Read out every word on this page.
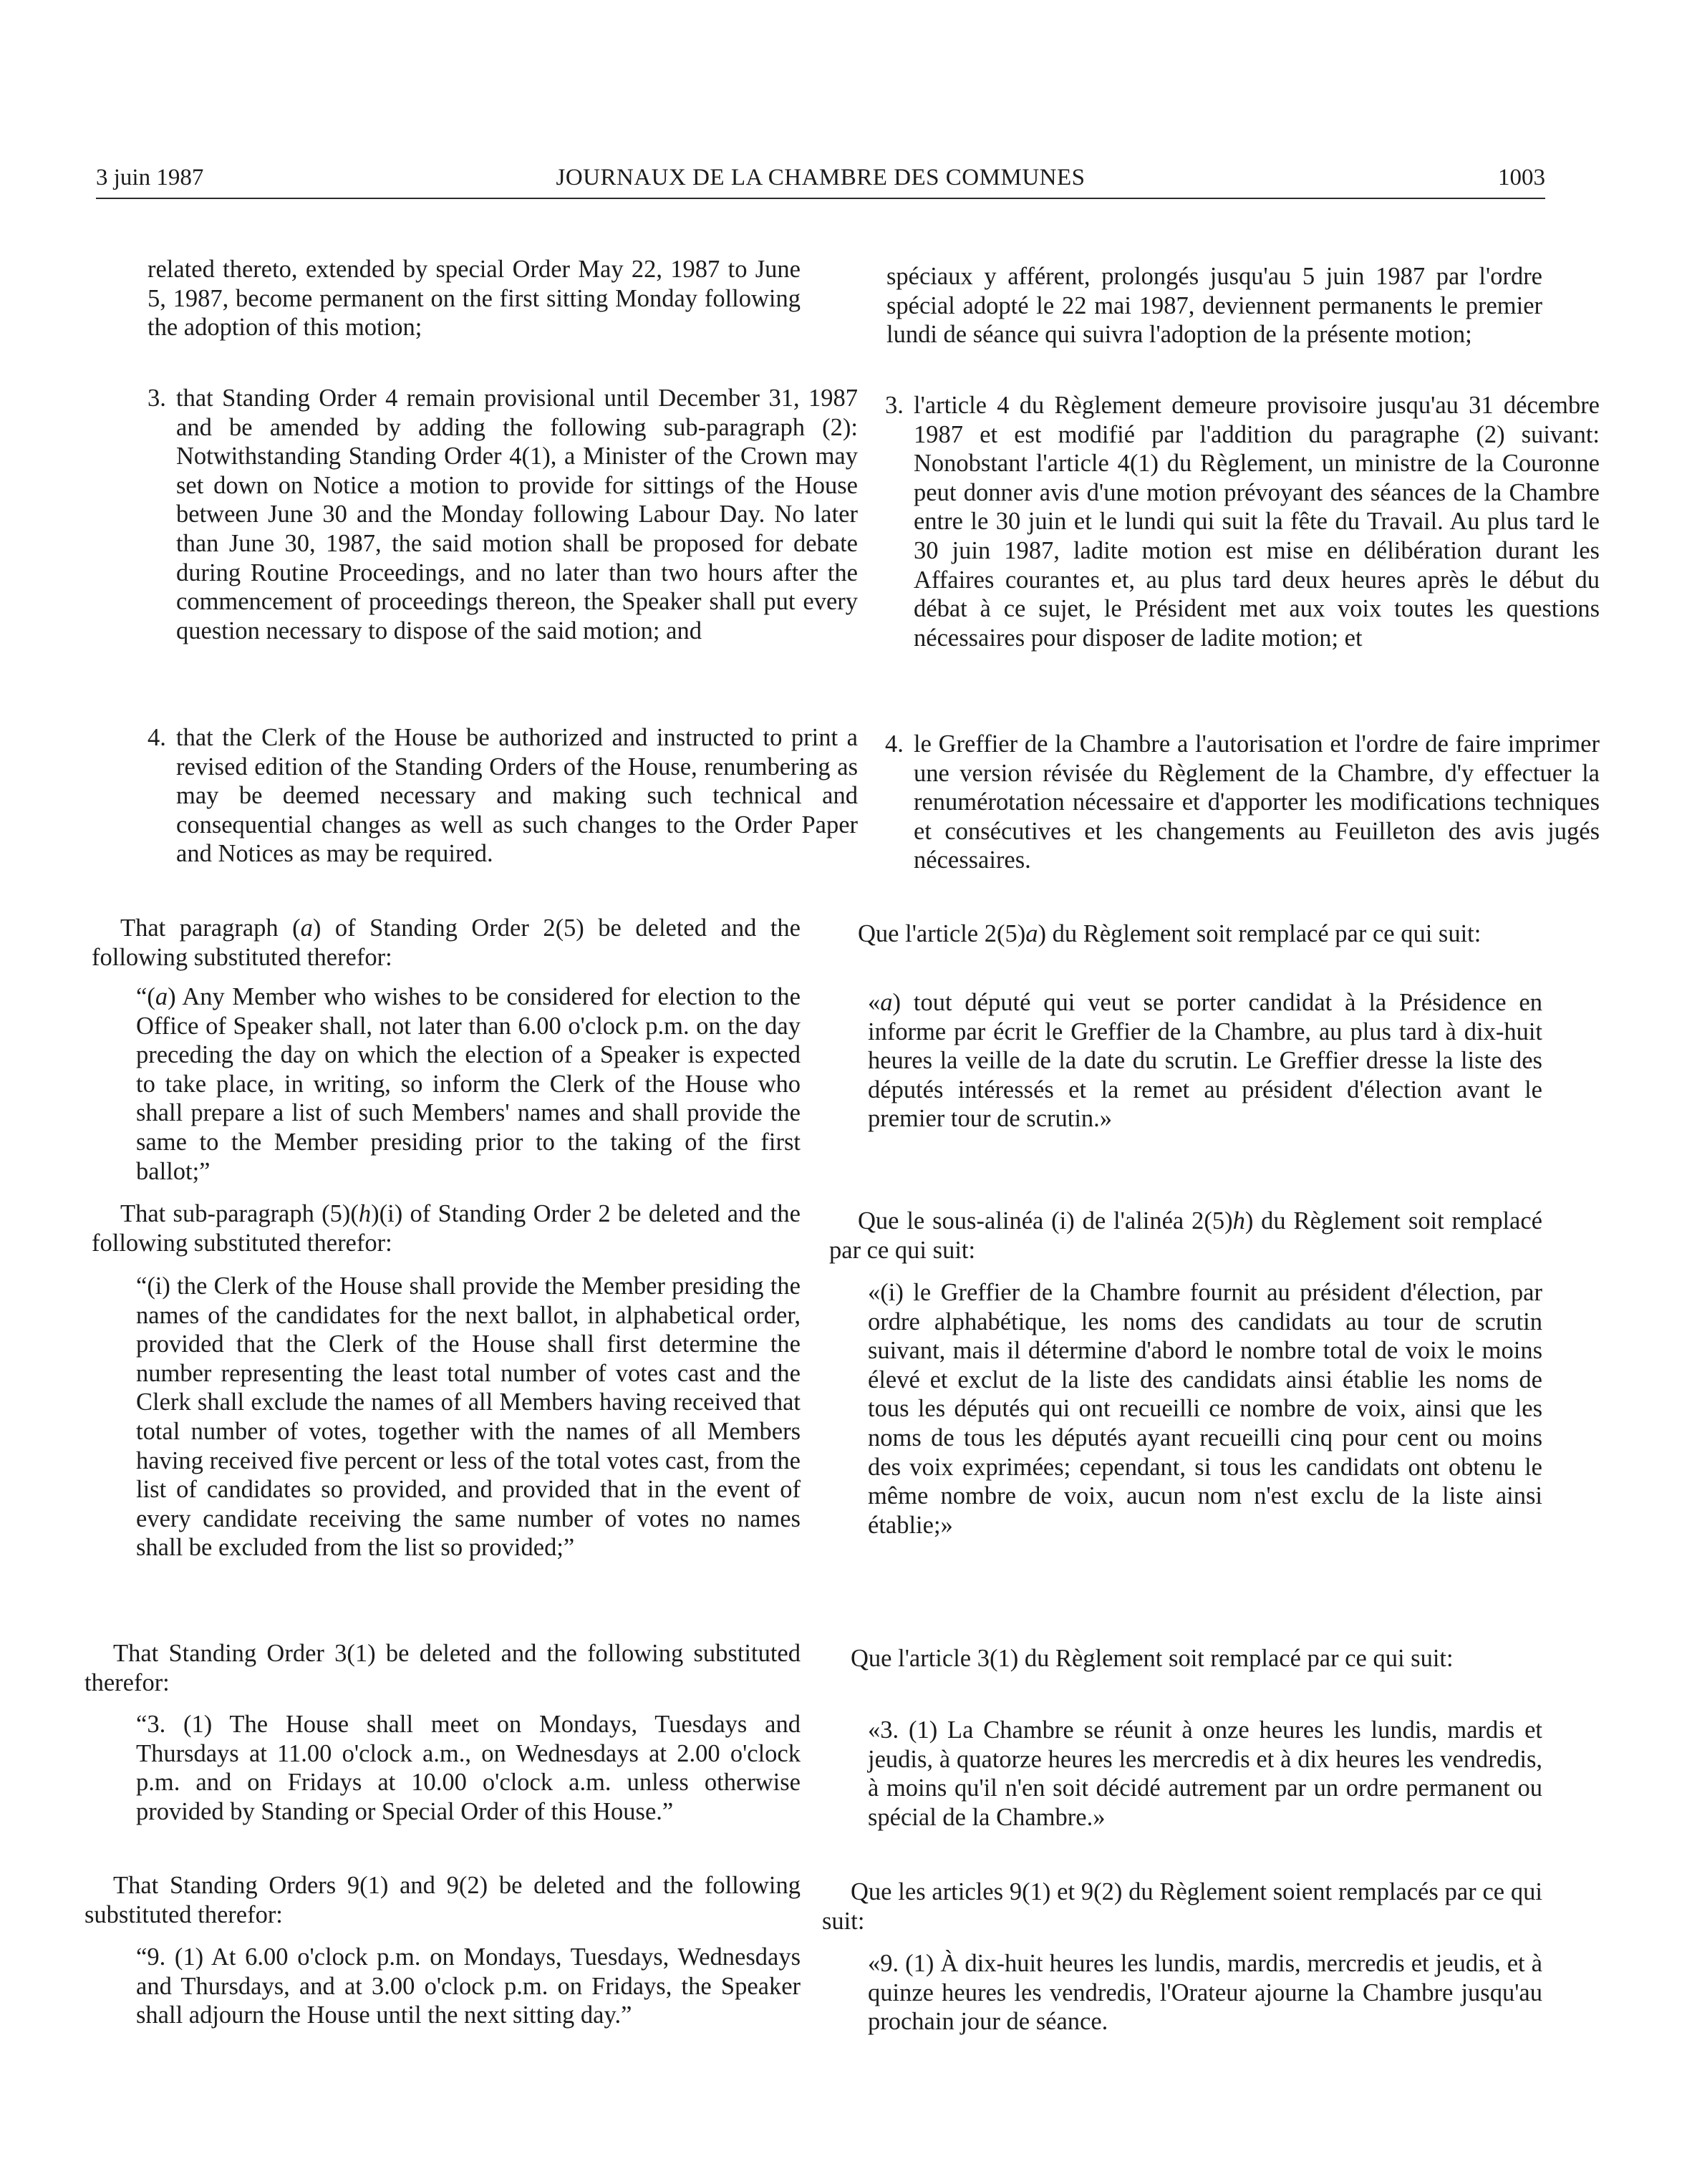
3 juin 1987	JOURNAUX DE LA CHAMBRE DES COMMUNES	1003

related thereto, extended by special Order May 22, 1987 to June 5, 1987, become permanent on the first sitting Monday following the adoption of this motion;

3. that Standing Order 4 remain provisional until December 31, 1987 and be amended by adding the following sub-paragraph (2): Notwithstanding Standing Order 4(1), a Minister of the Crown may set down on Notice a motion to provide for sittings of the House between June 30 and the Monday following Labour Day. No later than June 30, 1987, the said motion shall be proposed for debate during Routine Proceedings, and no later than two hours after the commencement of proceedings thereon, the Speaker shall put every question necessary to dispose of the said motion; and

4. that the Clerk of the House be authorized and instructed to print a revised edition of the Standing Orders of the House, renumbering as may be deemed necessary and making such technical and consequential changes as well as such changes to the Order Paper and Notices as may be required.

That paragraph (a) of Standing Order 2(5) be deleted and the following substituted therefor:

“(a) Any Member who wishes to be considered for election to the Office of Speaker shall, not later than 6.00 o'clock p.m. on the day preceding the day on which the election of a Speaker is expected to take place, in writing, so inform the Clerk of the House who shall prepare a list of such Members' names and shall provide the same to the Member presiding prior to the taking of the first ballot;”

That sub-paragraph (5)(h)(i) of Standing Order 2 be deleted and the following substituted therefor:

“(i) the Clerk of the House shall provide the Member presiding the names of the candidates for the next ballot, in alphabetical order, provided that the Clerk of the House shall first determine the number representing the least total number of votes cast and the Clerk shall exclude the names of all Members having received that total number of votes, together with the names of all Members having received five percent or less of the total votes cast, from the list of candidates so provided, and provided that in the event of every candidate receiving the same number of votes no names shall be excluded from the list so provided;”

That Standing Order 3(1) be deleted and the following substituted therefor:

“3. (1) The House shall meet on Mondays, Tuesdays and Thursdays at 11.00 o'clock a.m., on Wednesdays at 2.00 o'clock p.m. and on Fridays at 10.00 o'clock a.m. unless otherwise provided by Standing or Special Order of this House.”

That Standing Orders 9(1) and 9(2) be deleted and the following substituted therefor:

“9. (1) At 6.00 o'clock p.m. on Mondays, Tuesdays, Wednesdays and Thursdays, and at 3.00 o'clock p.m. on Fridays, the Speaker shall adjourn the House until the next sitting day.”

spéciaux y afférent, prolongés jusqu'au 5 juin 1987 par l'ordre spécial adopté le 22 mai 1987, deviennent permanents le premier lundi de séance qui suivra l'adoption de la présente motion;

3. l'article 4 du Règlement demeure provisoire jusqu'au 31 décembre 1987 et est modifié par l'addition du paragraphe (2) suivant: Nonobstant l'article 4(1) du Règlement, un ministre de la Couronne peut donner avis d'une motion prévoyant des séances de la Chambre entre le 30 juin et le lundi qui suit la fête du Travail. Au plus tard le 30 juin 1987, ladite motion est mise en délibération durant les Affaires courantes et, au plus tard deux heures après le début du débat à ce sujet, le Président met aux voix toutes les questions nécessaires pour disposer de ladite motion; et

4. le Greffier de la Chambre a l'autorisation et l'ordre de faire imprimer une version révisée du Règlement de la Chambre, d'y effectuer la renumérotation nécessaire et d'apporter les modifications techniques et consécutives et les changements au Feuilleton des avis jugés nécessaires.

Que l'article 2(5)a) du Règlement soit remplacé par ce qui suit:

«a) tout député qui veut se porter candidat à la Présidence en informe par écrit le Greffier de la Chambre, au plus tard à dix-huit heures la veille de la date du scrutin. Le Greffier dresse la liste des députés intéressés et la remet au président d'élection avant le premier tour de scrutin.»

Que le sous-alinéa (i) de l'alinéa 2(5)h) du Règlement soit remplacé par ce qui suit:

«(i) le Greffier de la Chambre fournit au président d'élection, par ordre alphabétique, les noms des candidats au tour de scrutin suivant, mais il détermine d'abord le nombre total de voix le moins élevé et exclut de la liste des candidats ainsi établie les noms de tous les députés qui ont recueilli ce nombre de voix, ainsi que les noms de tous les députés ayant recueilli cinq pour cent ou moins des voix exprimées; cependant, si tous les candidats ont obtenu le même nombre de voix, aucun nom n'est exclu de la liste ainsi établie;»

Que l'article 3(1) du Règlement soit remplacé par ce qui suit:

«3. (1) La Chambre se réunit à onze heures les lundis, mardis et jeudis, à quatorze heures les mercredis et à dix heures les vendredis, à moins qu'il n'en soit décidé autrement par un ordre permanent ou spécial de la Chambre.»

Que les articles 9(1) et 9(2) du Règlement soient remplacés par ce qui suit:

«9. (1) À dix-huit heures les lundis, mardis, mercredis et jeudis, et à quinze heures les vendredis, l'Orateur ajourne la Chambre jusqu'au prochain jour de séance.
